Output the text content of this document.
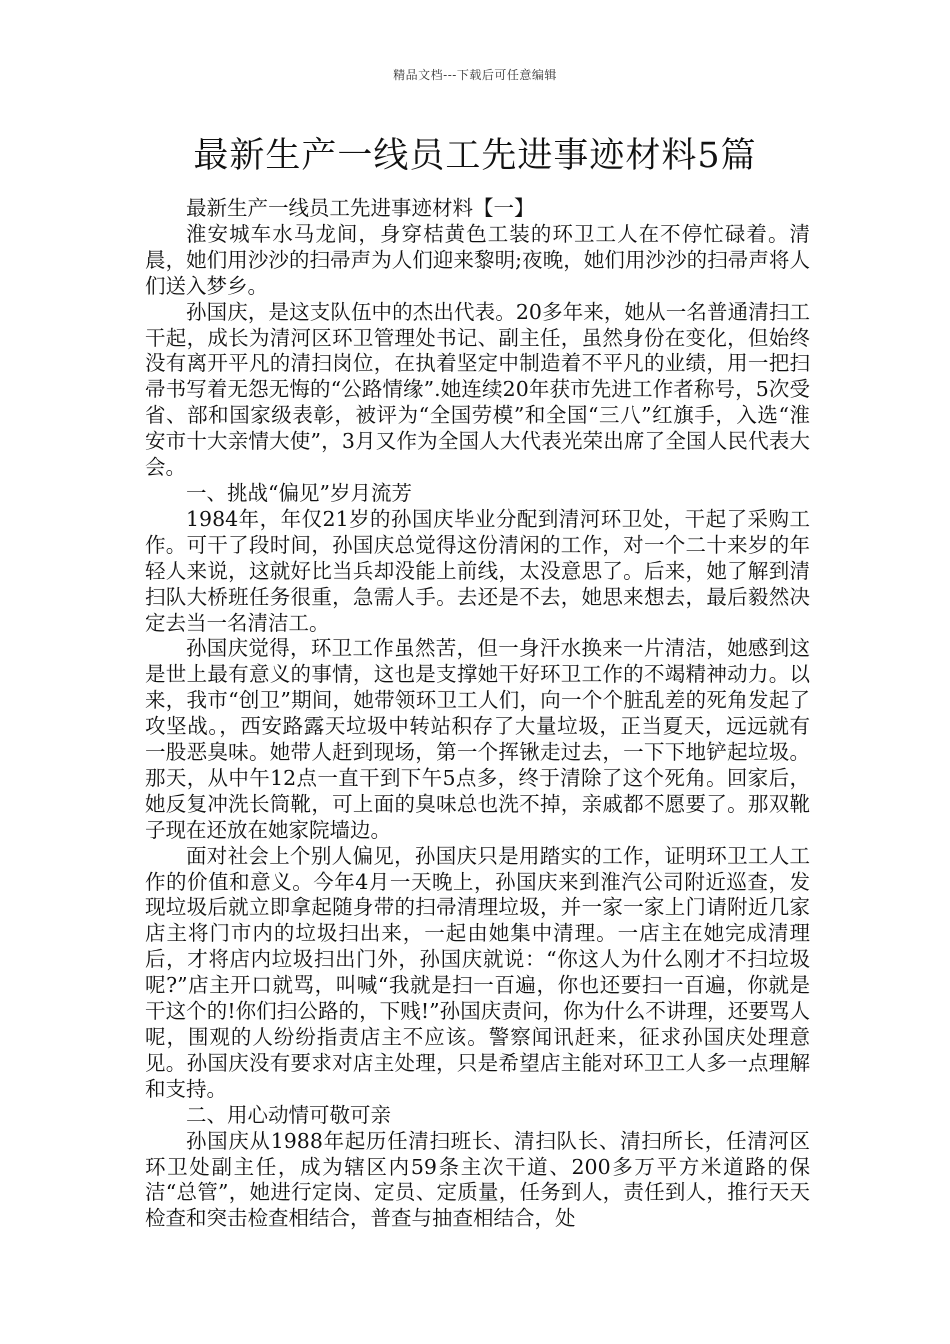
精品文档---下载后可任意编辑
最新生产一线员工先进事迹材料5篇

最新生产一线员工先进事迹材料【一】

淮安城车水马龙间，身穿桔黄色工装的环卫工人在不停忙碌着。清晨，她们用沙沙的扫帚声为人们迎来黎明;夜晚，她们用沙沙的扫帚声将人们送入梦乡。

孙国庆，是这支队伍中的杰出代表。20多年来，她从一名普通清扫工干起，成长为清河区环卫管理处书记、副主任，虽然身份在变化，但始终没有离开平凡的清扫岗位，在执着坚定中制造着不平凡的业绩，用一把扫帚书写着无怨无悔的“公路情缘”.她连续20年获市先进工作者称号，5次受省、部和国家级表彰，被评为“全国劳模”和全国“三八”红旗手，入选“淮安市十大亲情大使”，3月又作为全国人大代表光荣出席了全国人民代表大会。

一、挑战“偏见”岁月流芳

1984年，年仅21岁的孙国庆毕业分配到清河环卫处，干起了采购工作。可干了段时间，孙国庆总觉得这份清闲的工作，对一个二十来岁的年轻人来说，这就好比当兵却没能上前线，太没意思了。后来，她了解到清扫队大桥班任务很重，急需人手。去还是不去，她思来想去，最后毅然决定去当一名清洁工。

孙国庆觉得，环卫工作虽然苦，但一身汗水换来一片清洁，她感到这是世上最有意义的事情，这也是支撑她干好环卫工作的不竭精神动力。以来，我市“创卫”期间，她带领环卫工人们，向一个个脏乱差的死角发起了攻坚战。，西安路露天垃圾中转站积存了大量垃圾，正当夏天，远远就有一股恶臭味。她带人赶到现场，第一个挥锹走过去，一下下地铲起垃圾。那天，从中午12点一直干到下午5点多，终于清除了这个死角。回家后，她反复冲洗长筒靴，可上面的臭味总也洗不掉，亲戚都不愿要了。那双靴子现在还放在她家院墙边。

面对社会上个别人偏见，孙国庆只是用踏实的工作，证明环卫工人工作的价值和意义。今年4月一天晚上，孙国庆来到淮汽公司附近巡查，发现垃圾后就立即拿起随身带的扫帚清理垃圾，并一家一家上门请附近几家店主将门市内的垃圾扫出来，一起由她集中清理。一店主在她完成清理后，才将店内垃圾扫出门外，孙国庆就说：“你这人为什么刚才不扫垃圾呢?”店主开口就骂，叫喊“我就是扫一百遍，你也还要扫一百遍，你就是干这个的!你们扫公路的，下贱!”孙国庆责问，你为什么不讲理，还要骂人呢，围观的人纷纷指责店主不应该。警察闻讯赶来，征求孙国庆处理意见。孙国庆没有要求对店主处理，只是希望店主能对环卫工人多一点理解和支持。

二、用心动情可敬可亲

孙国庆从1988年起历任清扫班长、清扫队长、清扫所长，任清河区环卫处副主任，成为辖区内59条主次干道、200多万平方米道路的保洁“总管”，她进行定岗、定员、定质量，任务到人，责任到人，推行天天检查和突击检查相结合，普查与抽查相结合，处
